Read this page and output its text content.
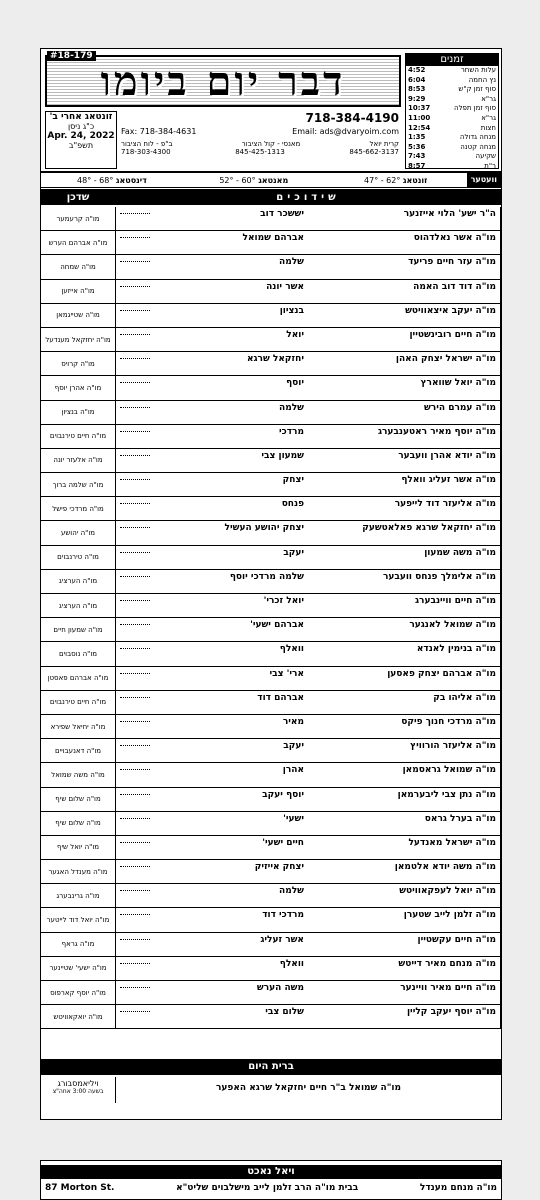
דבר יום ביומו
#18-179	זמנים
עלות השחר
4:52
נץ החמה
6:04
סוף זמן ק"ש
8:53
גר"א
9:29
סוף זמן תפלה
10:37
גר"א
11:00
חצות
12:54
מנחה גדולה
1:35
מנחה קטנה
5:36
שקיעה
7:43
ר"ת
8:57
זונטאג אחרי ב'
כ"ג ניסן
Apr. 24, 2022
תשפ"ב
718-384-4190
Fax: 718-384-4631	Email: ads@dvaryoim.com
קרית יואל
מאנסי - קול הציבור
ב"פ - לוח הציבור
718-303-4300	845-425-1313	845-662-3137
וועטער
זונטאג 47° - 62°
מאנטאג 52° - 60°
דינסטאג 48° - 68°
שדכן	שידוכים
מו"ה קרעמער	יששכר דוב	ה"ר ישע' הלוי אייזנער
מו"ה אברהם הערש	אברהם שמואל	מו"ה אשר נאלדהוס
מו"ה שמחה	שלמה	מו"ה עזר חיים פריעד
מו"ה אייזען	אשר יונה	מו"ה דוד דוב האמה
מו"ה שטייגמאן	בנציון	מו"ה יעקב איצאוויטש
מו"ה יחזקאל מענדעל	יואל	מו"ה חיים רובינשטיין
מו"ה קרויס	יחזקאל שרגא	מו"ה ישראל יצחק האהן
מו"ה אהרן יוסף	יוסף	מו"ה יואל שווארץ
מו"ה בנציון	שלמה	מו"ה עמרם הירש
מו"ה חיים טירנבוים	מרדכי	מו"ה יוסף מאיר ראטענבערג
מו"ה אלעזר יונה	שמעון צבי	מו"ה יודא אהרן וועבער
מו"ה שלמה ברוך	יצחק	מו"ה אשר זעליג וואלף
מו"ה מרדכי פישל	פנחס	מו"ה אליעזר דוד לייפער
מו"ה יהושע	יצחק יהושע העשיל	מו"ה יחזקאל שרגא פאלאטשעק
מו"ה טירנבוים	יעקב	מו"ה משה שמעון
מו"ה הערציג	שלמה מרדכי יוסף	מו"ה אלימלך פנחס וועבער
מו"ה הערציג	יואל זכרי'	מו"ה חיים וויינבערג
מו"ה שמעון חיים	אברהם ישעי'	מו"ה שמואל לאנגער
מו"ה נוסבוים	וואלף	מו"ה בנימין לאנדא
מו"ה אברהם פאסטן	ארי' צבי	מו"ה אברהם יצחק פאסען
מו"ה חיים טירנבוים	אברהם דוד	מו"ה אליהו בק
מו"ה יחיאל שפירא	מאיר	מו"ה מרדכי חנוך פיקס
מו"ה דאנעבויים	יעקב	מו"ה אליעזר הורוויץ
מו"ה משה שמואל	אהרן	מו"ה שמואל גראסמאן
מו"ה שלום שיף	יוסף יעקב	מו"ה נתן צבי ליבערמאן
מו"ה שלום שיף	ישעי'	מו"ה בערל גראס
מו"ה יואל שיף	חיים ישעי'	מו"ה ישראל מאנדעל
מו"ה מענדל האגער	יצחק אייזיק	מו"ה משה יודא אלטמאן
מו"ה גרינבערג	שלמה	מו"ה יואל לעפקאוויטש
מו"ה יואל דוד לייטער	מרדכי דוד	מו"ה זלמן לייב שטערן
מו"ה גראף	אשר זעליג	מו"ה חיים עקשטיין
מו"ה ישעי' שטיינער	וואלף	מו"ה מנחם מאיר דייטש
מו"ה יוסף קארפוס	משה הערש	מו"ה חיים מאיר וויינער
מו"ה יואקאוויטש	שלום צבי	מו"ה יוסף יעקב קליין
ברית היום
ויליאמסבורג
בשעה 3:00 אחה"צ	מו"ה שמואל ב"ר חיים יחזקאל שרגא האפער
ויאל נאכט
87 Morton St.	בבית מו"ה הרב זלמן לייב מישלבוים שליט"א	מו"ה מנחם מענדל
